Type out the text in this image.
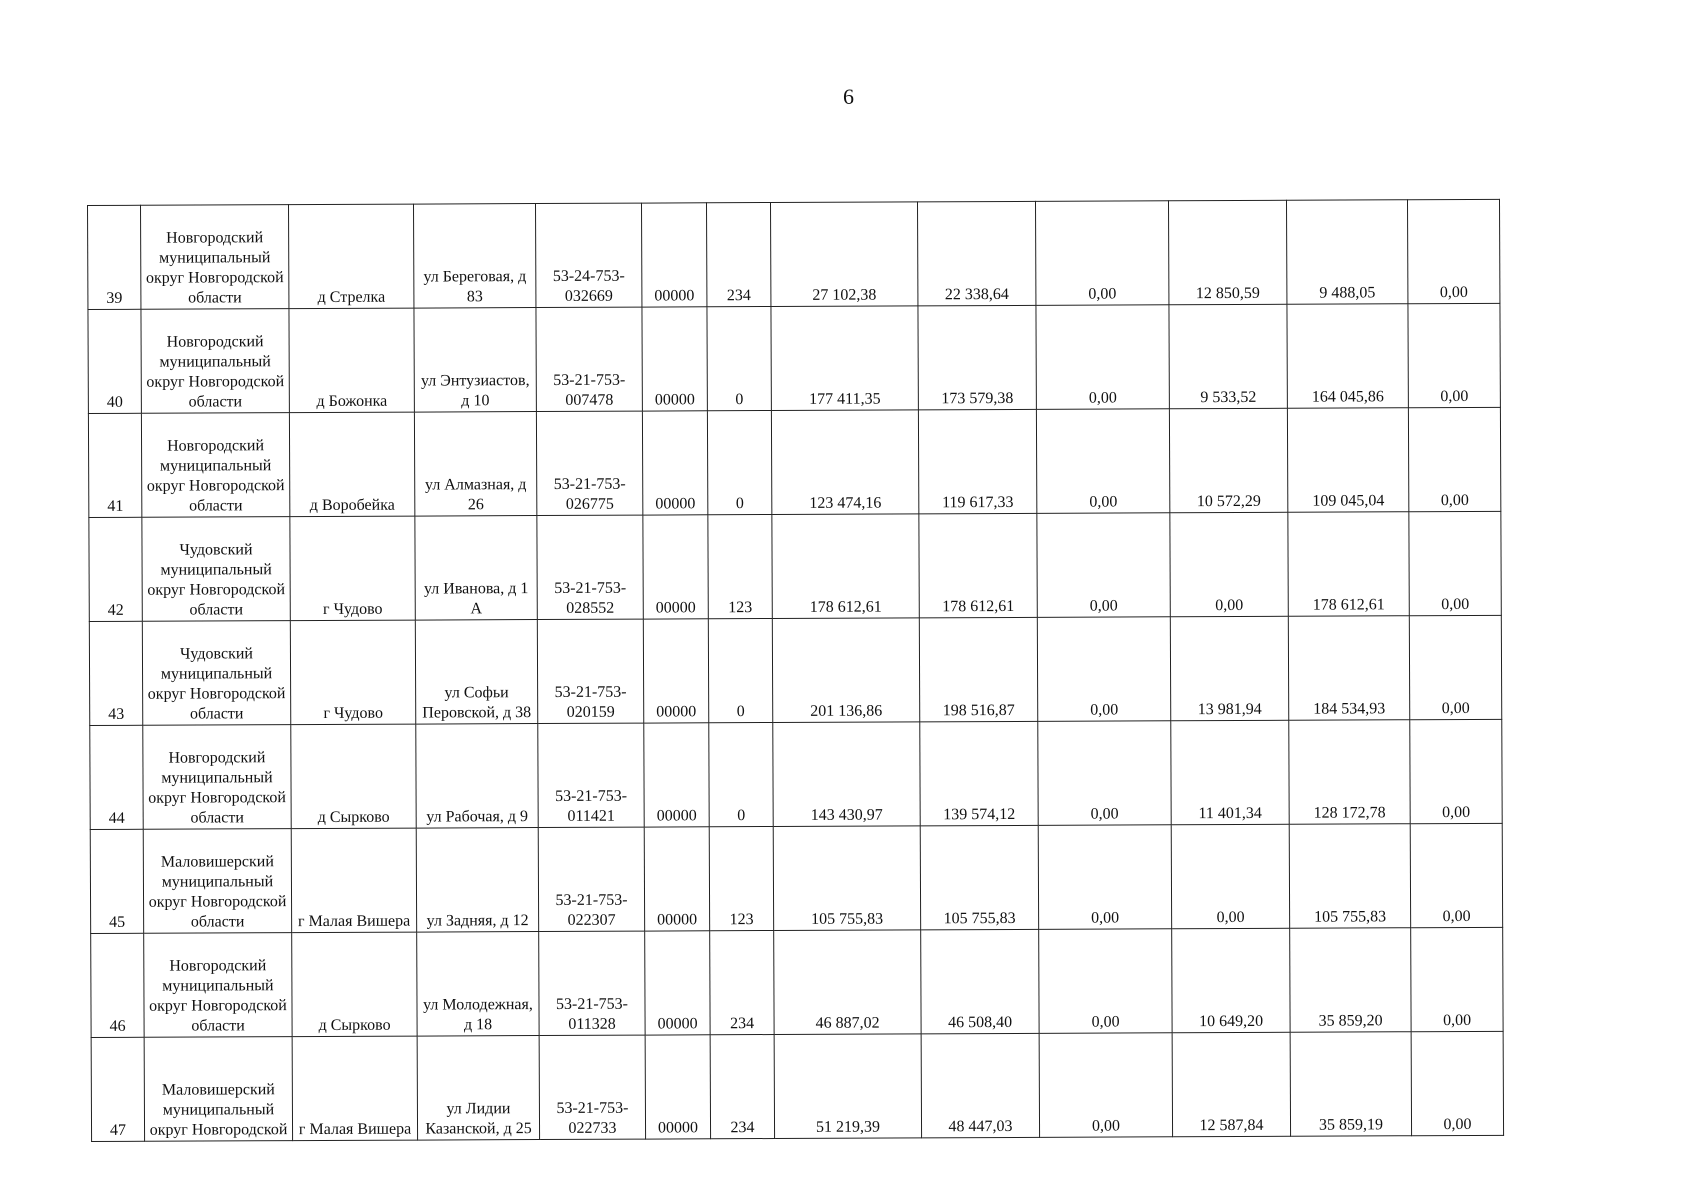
6
39	Новгородский муниципальный округ Новгородской области	д Стрелка	ул Береговая, д 83	53-24-753-032669	00000	234	27 102,38	22 338,64	0,00	12 850,59	9 488,05	0,00
40	Новгородский муниципальный округ Новгородской области	д Божонка	ул Энтузиастов, д 10	53-21-753-007478	00000	0	177 411,35	173 579,38	0,00	9 533,52	164 045,86	0,00
41	Новгородский муниципальный округ Новгородской области	д Воробейка	ул Алмазная, д 26	53-21-753-026775	00000	0	123 474,16	119 617,33	0,00	10 572,29	109 045,04	0,00
42	Чудовский муниципальный округ Новгородской области	г Чудово	ул Иванова, д 1 А	53-21-753-028552	00000	123	178 612,61	178 612,61	0,00	0,00	178 612,61	0,00
43	Чудовский муниципальный округ Новгородской области	г Чудово	ул Софьи Перовской, д 38	53-21-753-020159	00000	0	201 136,86	198 516,87	0,00	13 981,94	184 534,93	0,00
44	Новгородский муниципальный округ Новгородской области	д Сырково	ул Рабочая, д 9	53-21-753-011421	00000	0	143 430,97	139 574,12	0,00	11 401,34	128 172,78	0,00
45	Маловишерский муниципальный округ Новгородской области	г Малая Вишера	ул Задняя, д 12	53-21-753-022307	00000	123	105 755,83	105 755,83	0,00	0,00	105 755,83	0,00
46	Новгородский муниципальный округ Новгородской области	д Сырково	ул Молодежная, д 18	53-21-753-011328	00000	234	46 887,02	46 508,40	0,00	10 649,20	35 859,20	0,00
47	Маловишерский муниципальный округ Новгородской	г Малая Вишера	ул Лидии Казанской, д 25	53-21-753-022733	00000	234	51 219,39	48 447,03	0,00	12 587,84	35 859,19	0,00
